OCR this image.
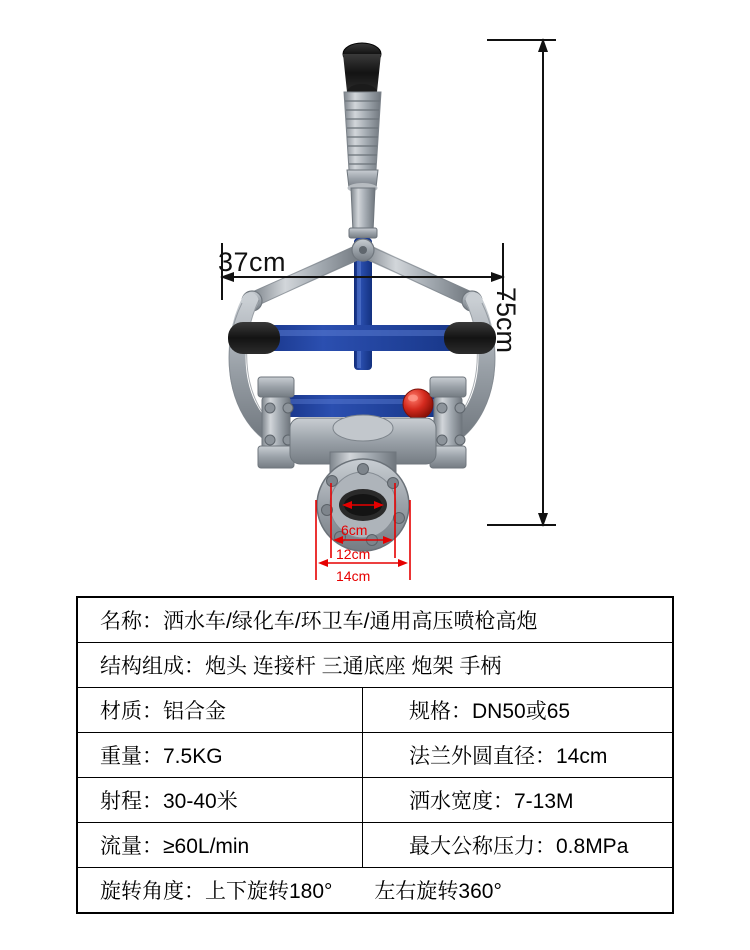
37cm
75cm
6cm
12cm
14cm
名称：洒水车/绿化车/环卫车/通用高压喷枪高炮	
结构组成：炮头 连接杆 三通底座 炮架 手柄	
材质：铝合金	规格：DN50或65
重量：7.5KG	法兰外圆直径：14cm
射程：30-40米	洒水宽度：7-13M
流量：≥60L/min	最大公称压力：0.8MPa
旋转角度：上下旋转180°　　左右旋转360°	
